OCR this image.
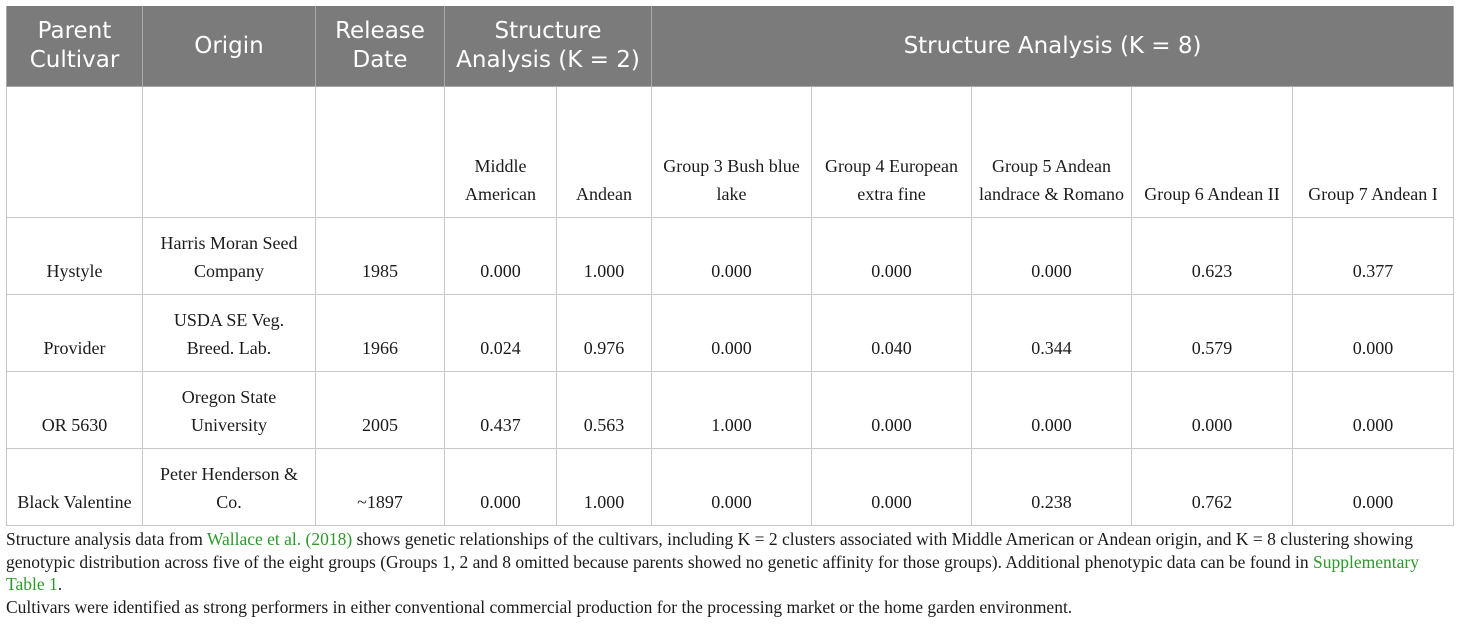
Parent Cultivar	Origin	Release Date	Structure Analysis (K = 2)		Structure Analysis (K = 8)				
			Middle American	Andean	Group 3 Bush blue lake	Group 4 European extra fine	Group 5 Andean landrace & Romano	Group 6 Andean II	Group 7 Andean I
Hystyle	Harris Moran Seed Company	1985	0.000	1.000	0.000	0.000	0.000	0.623	0.377
Provider	USDA SE Veg. Breed. Lab.	1966	0.024	0.976	0.000	0.040	0.344	0.579	0.000
OR 5630	Oregon State University	2005	0.437	0.563	1.000	0.000	0.000	0.000	0.000
Black Valentine	Peter Henderson & Co.	~1897	0.000	1.000	0.000	0.000	0.238	0.762	0.000

Structure analysis data from Wallace et al. (2018) shows genetic relationships of the cultivars, including K = 2 clusters associated with Middle American or Andean origin, and K = 8 clustering showing genotypic distribution across five of the eight groups (Groups 1, 2 and 8 omitted because parents showed no genetic affinity for those groups). Additional phenotypic data can be found in Supplementary Table 1.

Cultivars were identified as strong performers in either conventional commercial production for the processing market or the home garden environment.
